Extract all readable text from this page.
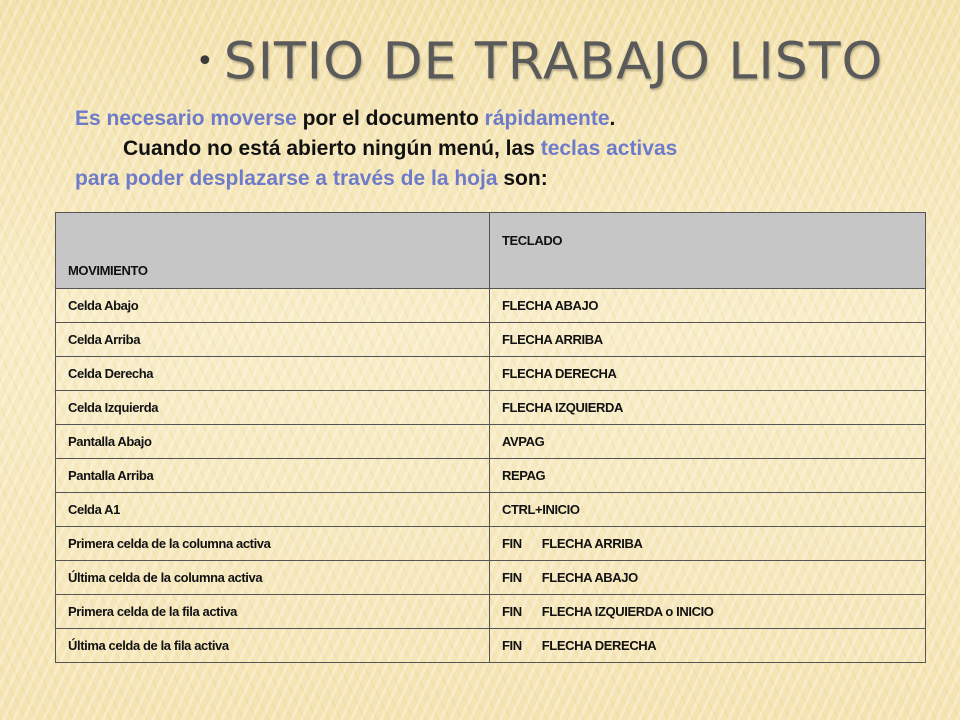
• SITIO DE TRABAJO LISTO
Es necesario moverse por el documento rápidamente.
Cuando no está abierto ningún menú, las teclas activas
para poder desplazarse a través de la hoja son:
MOVIMIENTO	TECLADO
Celda Abajo	FLECHA ABAJO
Celda Arriba	FLECHA ARRIBA
Celda Derecha	FLECHA DERECHA
Celda Izquierda	FLECHA IZQUIERDA
Pantalla Abajo	AVPAG
Pantalla Arriba	REPAG
Celda A1	CTRL+INICIO
Primera celda de la columna activa	FIN FLECHA ARRIBA
Última celda de la columna activa	FIN FLECHA ABAJO
Primera celda de la fila activa	FIN FLECHA IZQUIERDA o INICIO
Última celda de la fila activa	FIN FLECHA DERECHA
